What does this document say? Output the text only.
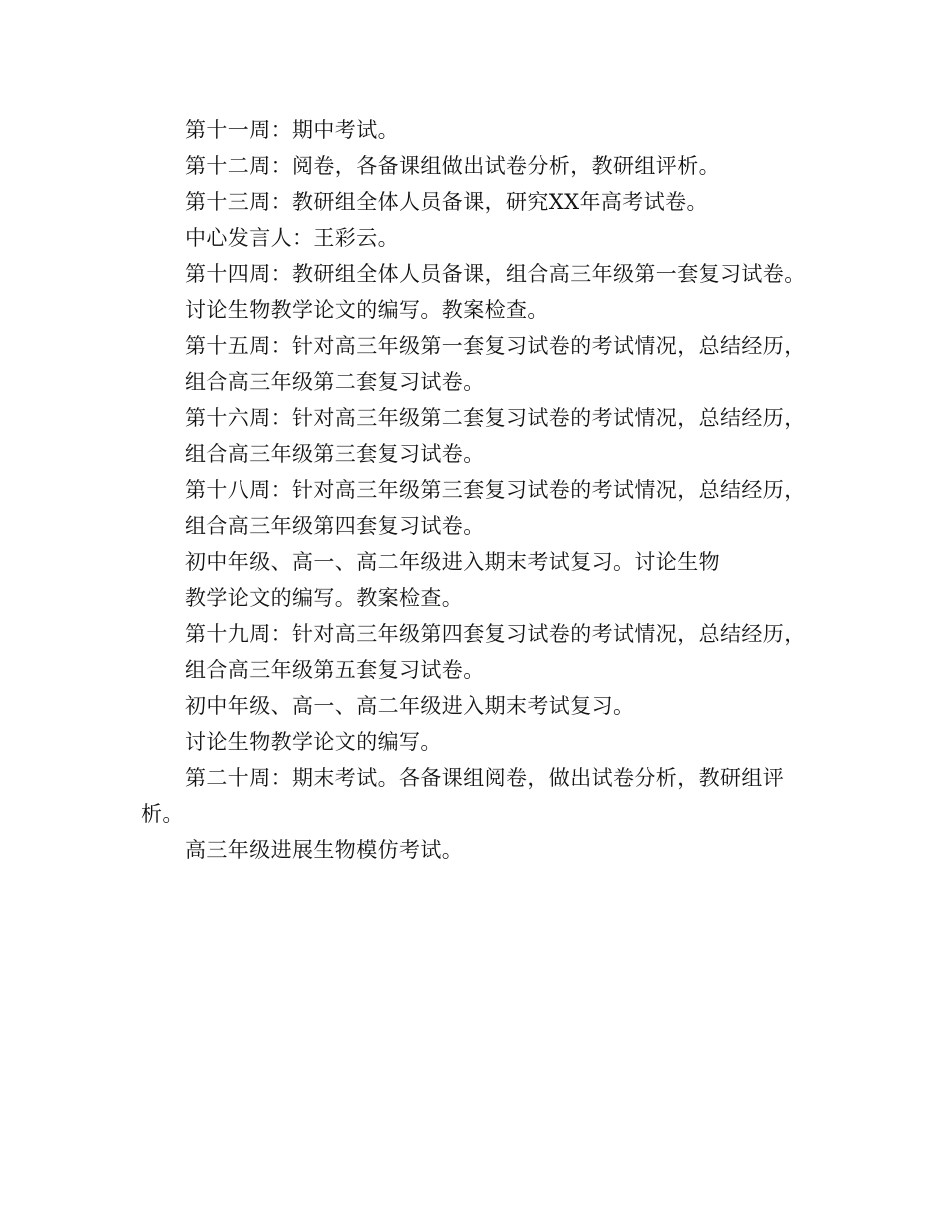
第十一周：期中考试。
第十二周：阅卷，各备课组做出试卷分析，教研组评析。
第十三周：教研组全体人员备课，研究XX年高考试卷。
中心发言人：王彩云。
第十四周：教研组全体人员备课，组合高三年级第一套复习试卷。
讨论生物教学论文的编写。教案检查。
第十五周：针对高三年级第一套复习试卷的考试情况，总结经历，
组合高三年级第二套复习试卷。
第十六周：针对高三年级第二套复习试卷的考试情况，总结经历，
组合高三年级第三套复习试卷。
第十八周：针对高三年级第三套复习试卷的考试情况，总结经历，
组合高三年级第四套复习试卷。
初中年级、高一、高二年级进入期末考试复习。讨论生物
教学论文的编写。教案检查。
第十九周：针对高三年级第四套复习试卷的考试情况，总结经历，
组合高三年级第五套复习试卷。
初中年级、高一、高二年级进入期末考试复习。
讨论生物教学论文的编写。
第二十周：期末考试。各备课组阅卷，做出试卷分析，教研组评
析。
高三年级进展生物模仿考试。
